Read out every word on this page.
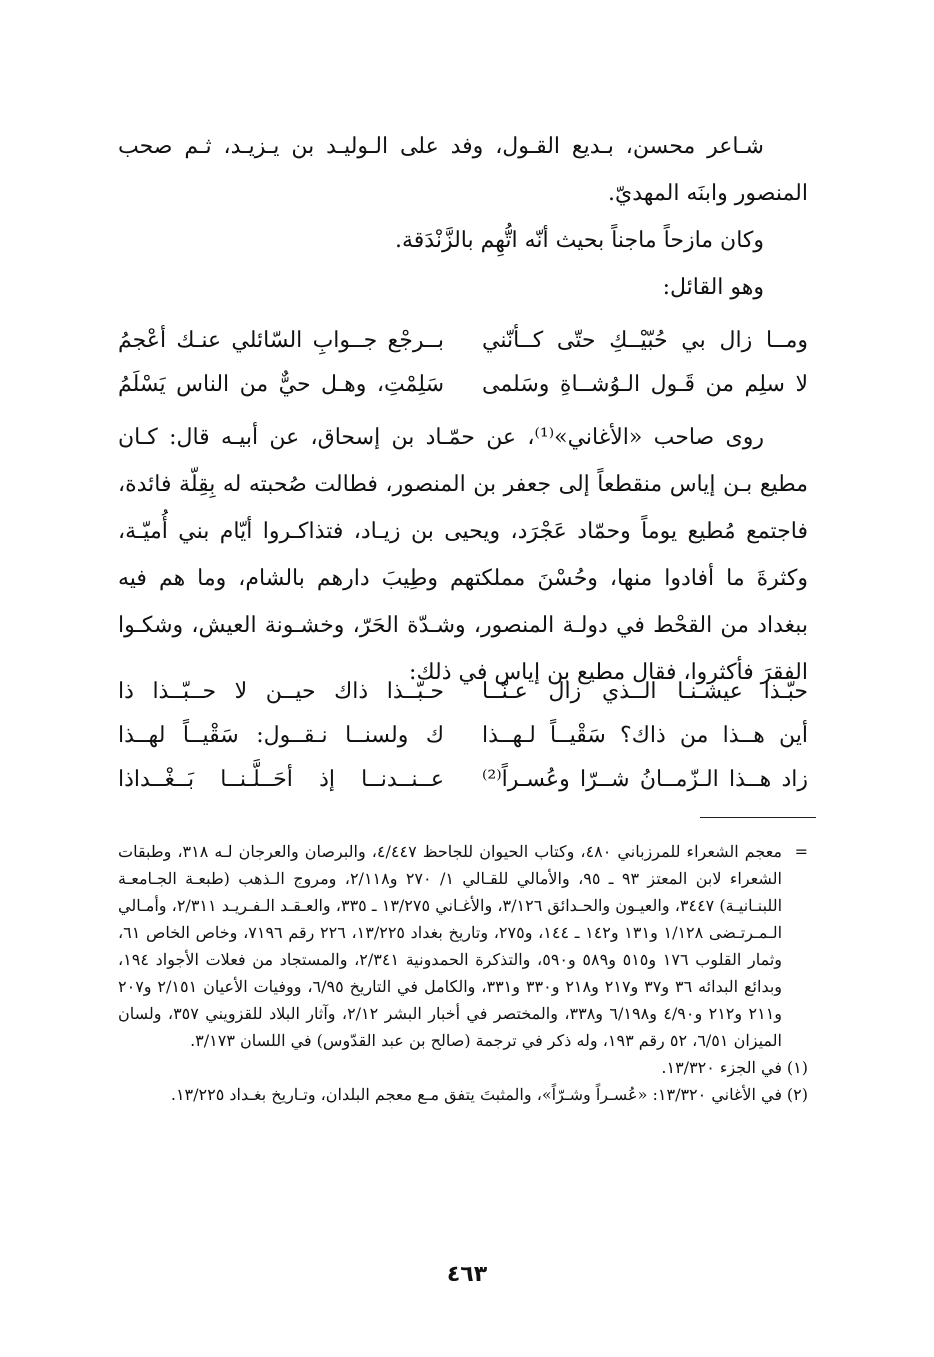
شـاعر محسن، بـديع القـول، وفد على الـوليـد بن يـزيـد، ثـم صحب المنصور وابنَه المهديّ.

وكان مازحاً ماجناً بحيث أنّه اتُّهِم بالزَّنْدَقة.

وهو القائل:

ومــا زال بي حُبّيْــكِ حتّى كــأنّني
بــرجْع جــوابِ السّائلي عنـك أعْجمُ
لا سلِم من قَـول الـوُشــاةِ وسَلمى
سَلِمْتِ، وهـل حيٌّ من الناس يَسْلَمُ

روى صاحب «الأغاني»⁽¹⁾، عن حمّـاد بن إسحاق، عن أبيـه قال: كـان مطيع بـن إياس منقطعاً إلى جعفر بن المنصور، فطالت صُحبته له بِقِلّة فائدة، فاجتمع مُطيع يوماً وحمّاد عَجْرَد، ويحيى بن زيـاد، فتذاكـروا أيّام بني أُميّـة، وكثرةَ ما أفادوا منها، وحُسْنَ مملكتهم وطِيبَ دارهم بالشام، وما هم فيه ببغداد من القحْط في دولـة المنصور، وشـدّة الحَرّ، وخشـونة العيش، وشكـوا الفقرَ فأكثروا، فقال مطيع بن إياس في ذلك:

حبّـذا عيشـنـا الــذي زال عـنّــا
حـبّــذا ذاك حيــن لا حــبّــذا ذا
أين هــذا من ذاك؟ سَقْيــاً لـهــذا
ك ولسنــا نـقــول: سَقْيــاً لهــذا
زاد هــذا الـزّمــانُ شــرّا وعُسـراً⁽²⁾
عــنــدنــا إذ أحَــلَّـنــا بَــغْــداذا
=
معجم الشعراء للمرزباني ٤٨٠، وكتاب الحيوان للجاحظ ٤/٤٤٧، والبرصان والعرجان لـه ٣١٨، وطبقات الشعراء لابن المعتز ٩٣ ـ ٩٥، والأمالي للقـالي ١/ ٢٧٠ و٢/١١٨، ومروج الـذهب (طبعـة الجـامعـة اللبنـانيـة) ٣٤٤٧، والعيـون والحـدائق ٣/١٢٦، والأغـاني ١٣/٢٧٥ ـ ٣٣٥، والعـقـد الـفـريـد ٢/٣١١، وأمـالي الـمـرتـضى ١/١٢٨ و١٣١ و١٤٢ ـ ١٤٤، و٢٧٥، وتاريخ بغداد ١٣/٢٢٥، ٢٢٦ رقم ٧١٩٦، وخاص الخاص ٦١، وثمار القلوب ١٧٦ و٥١٥ و٥٨٩ و٥٩٠، والتذكرة الحمدونية ٢/٣٤١، والمستجاد من فعلات الأجواد ١٩٤، وبدائع البدائه ٣٦ و٣٧ و٢١٧ و٢١٨ و٣٣٠ و٣٣١، والكامل في التاريخ ٦/٩٥، ووفيات الأعيان ٢/١٥١ و٢٠٧ و٢١١ و٢١٢ و٤/٩٠ و٦/١٩٨ و٣٣٨، والمختصر في أخبار البشر ٢/١٢، وآثار البلاد للقزويني ٣٥٧، ولسان الميزان ٦/٥١، ٥٢ رقم ١٩٣، وله ذكر في ترجمة (صالح بن عبد القدّوس) في اللسان ٣/١٧٣.
(١)
في الجزء ١٣/٣٢٠.
(٢)
في الأغاني ١٣/٣٢٠: «عُسـراً وشـرّاً»، والمثبتَ يتفق مـع معجم البلدان، وتـاريخ بغـداد ١٣/٢٢٥.
٤٦٣
